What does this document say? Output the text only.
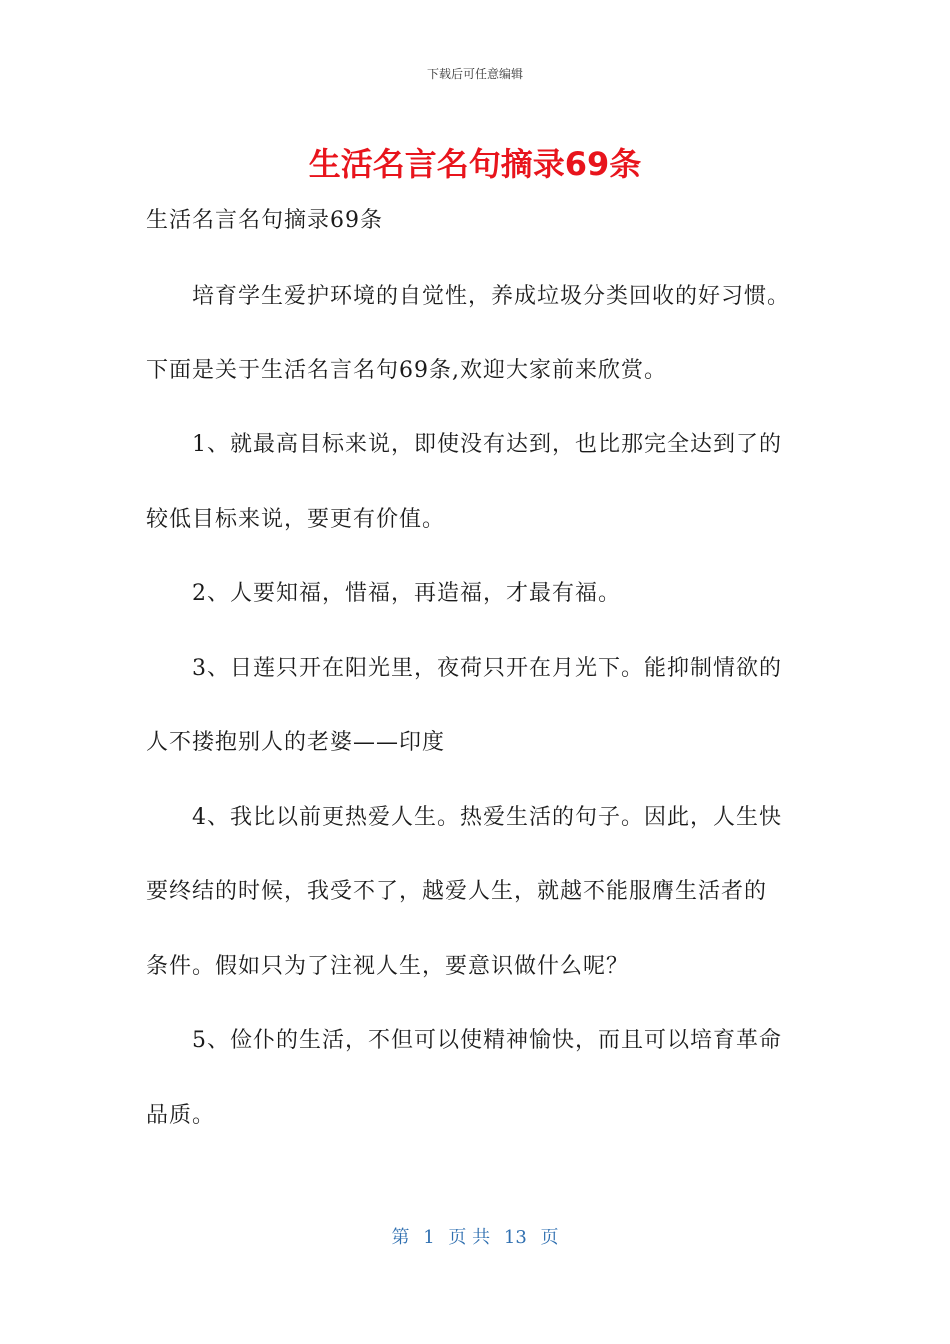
下载后可任意编辑
生活名言名句摘录69条
生活名言名句摘录69条
　　培育学生爱护环境的自觉性，养成垃圾分类回收的好习惯。
下面是关于生活名言名句69条,欢迎大家前来欣赏。
　　1、就最高目标来说，即使没有达到，也比那完全达到了的
较低目标来说，要更有价值。
　　2、人要知福，惜福，再造福，才最有福。
　　3、日莲只开在阳光里，夜荷只开在月光下。能抑制情欲的
人不搂抱别人的老婆——印度
　　4、我比以前更热爱人生。热爱生活的句子。因此，人生快
要终结的时候，我受不了，越爱人生，就越不能服膺生活者的
条件。假如只为了注视人生，要意识做什么呢？
　　5、俭仆的生活，不但可以使精神愉快，而且可以培育革命
品质。
第 1 页 共 13 页
